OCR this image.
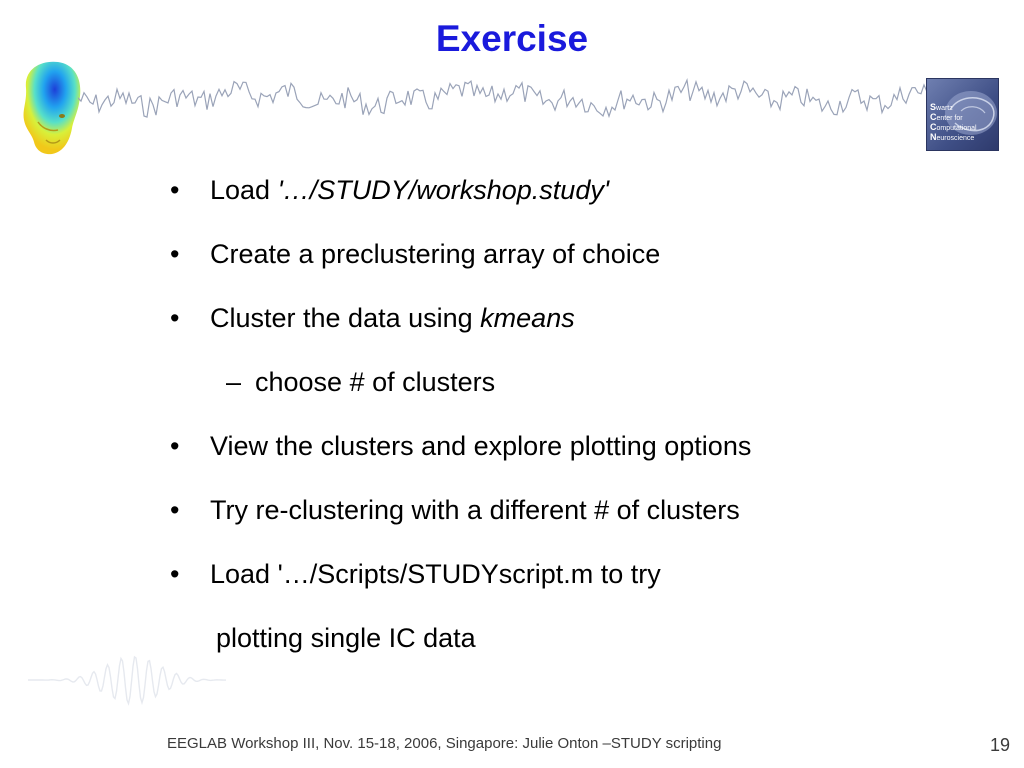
Exercise
Swartz
Center for
Computational
Neuroscience
• Load '…/STUDY/workshop.study'
• Create a preclustering array of choice
• Cluster the data using kmeans
– choose # of clusters
• View the clusters and explore plotting options
• Try re-clustering with a different # of clusters
• Load '…/Scripts/STUDYscript.m to try
plotting single IC data
EEGLAB Workshop III, Nov. 15-18, 2006, Singapore: Julie Onton –STUDY scripting	19
